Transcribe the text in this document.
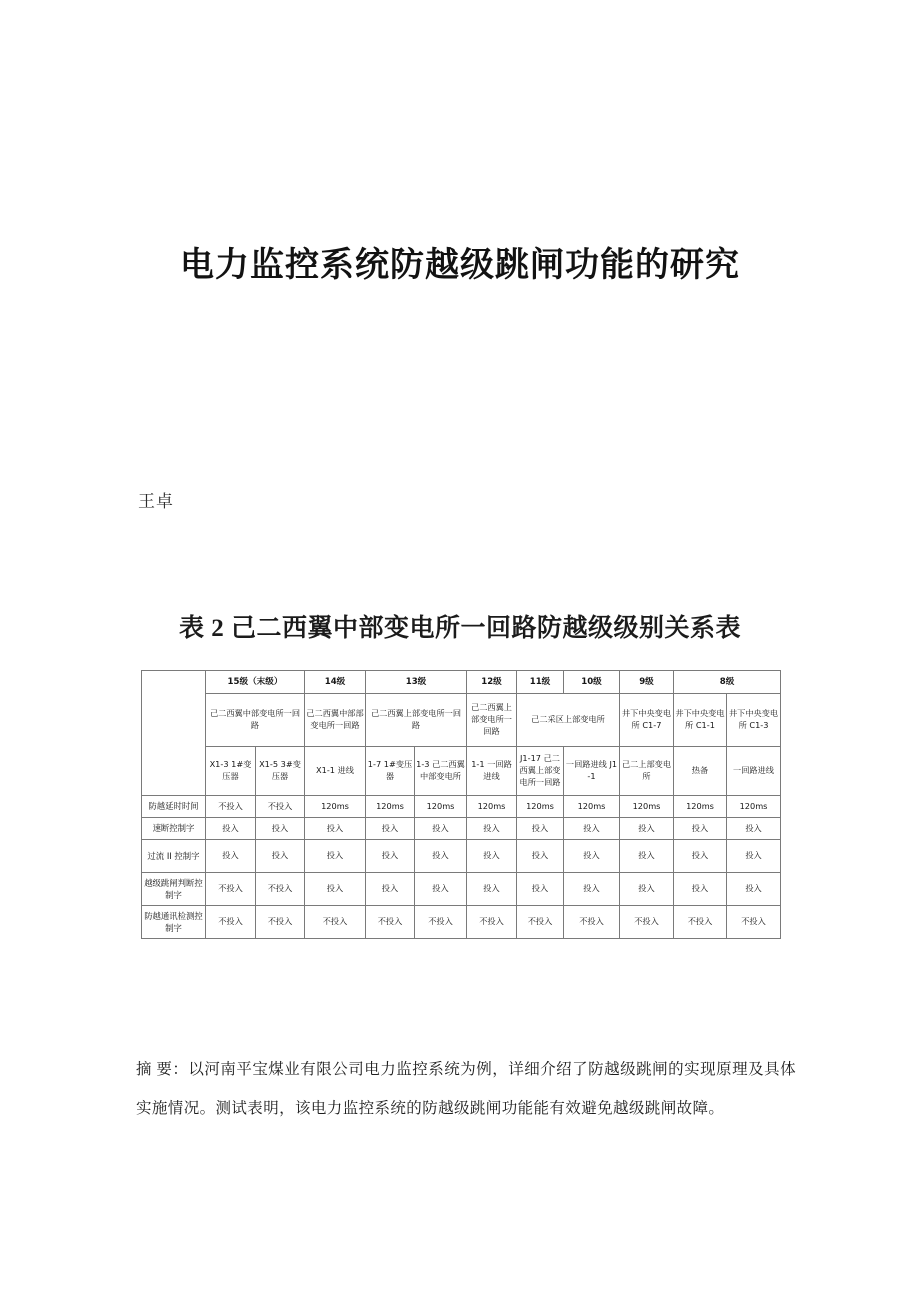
电力监控系统防越级跳闸功能的研究
王卓
表 2 己二西翼中部变电所一回路防越级级别关系表
	15级（末级）		14级	13级		12级	11级	10级	9级	8级	
	己二西翼中部变电所一回路		己二西翼中部部变电所一回路	己二西翼上部变电所一回路		己二西翼上部变电所一回路	己二采区上部变电所		井下中央变电所 C1-7	井下中央变电所 C1-1	井下中央变电所 C1-3
	X1-3 1#变压器	X1-5 3#变压器	X1-1 进线	1-7 1#变压器	1-3 己二西翼中部变电所	1-1 一回路进线	J1-17 己二西翼上部变电所一回路	一回路进线 J1-1	己二上部变电所	热备	一回路进线
防越延时时间	不投入	不投入	120ms	120ms	120ms	120ms	120ms	120ms	120ms	120ms	120ms
速断控制字	投入	投入	投入	投入	投入	投入	投入	投入	投入	投入	投入
过流 II 控制字	投入	投入	投入	投入	投入	投入	投入	投入	投入	投入	投入
越级跳闸判断控制字	不投入	不投入	投入	投入	投入	投入	投入	投入	投入	投入	投入
防越通讯检测控制字	不投入	不投入	不投入	不投入	不投入	不投入	不投入	不投入	不投入	不投入	不投入

摘 要：以河南平宝煤业有限公司电力监控系统为例，详细介绍了防越级跳闸的实现原理及具体实施情况。测试表明，该电力监控系统的防越级跳闸功能能有效避免越级跳闸故障。
